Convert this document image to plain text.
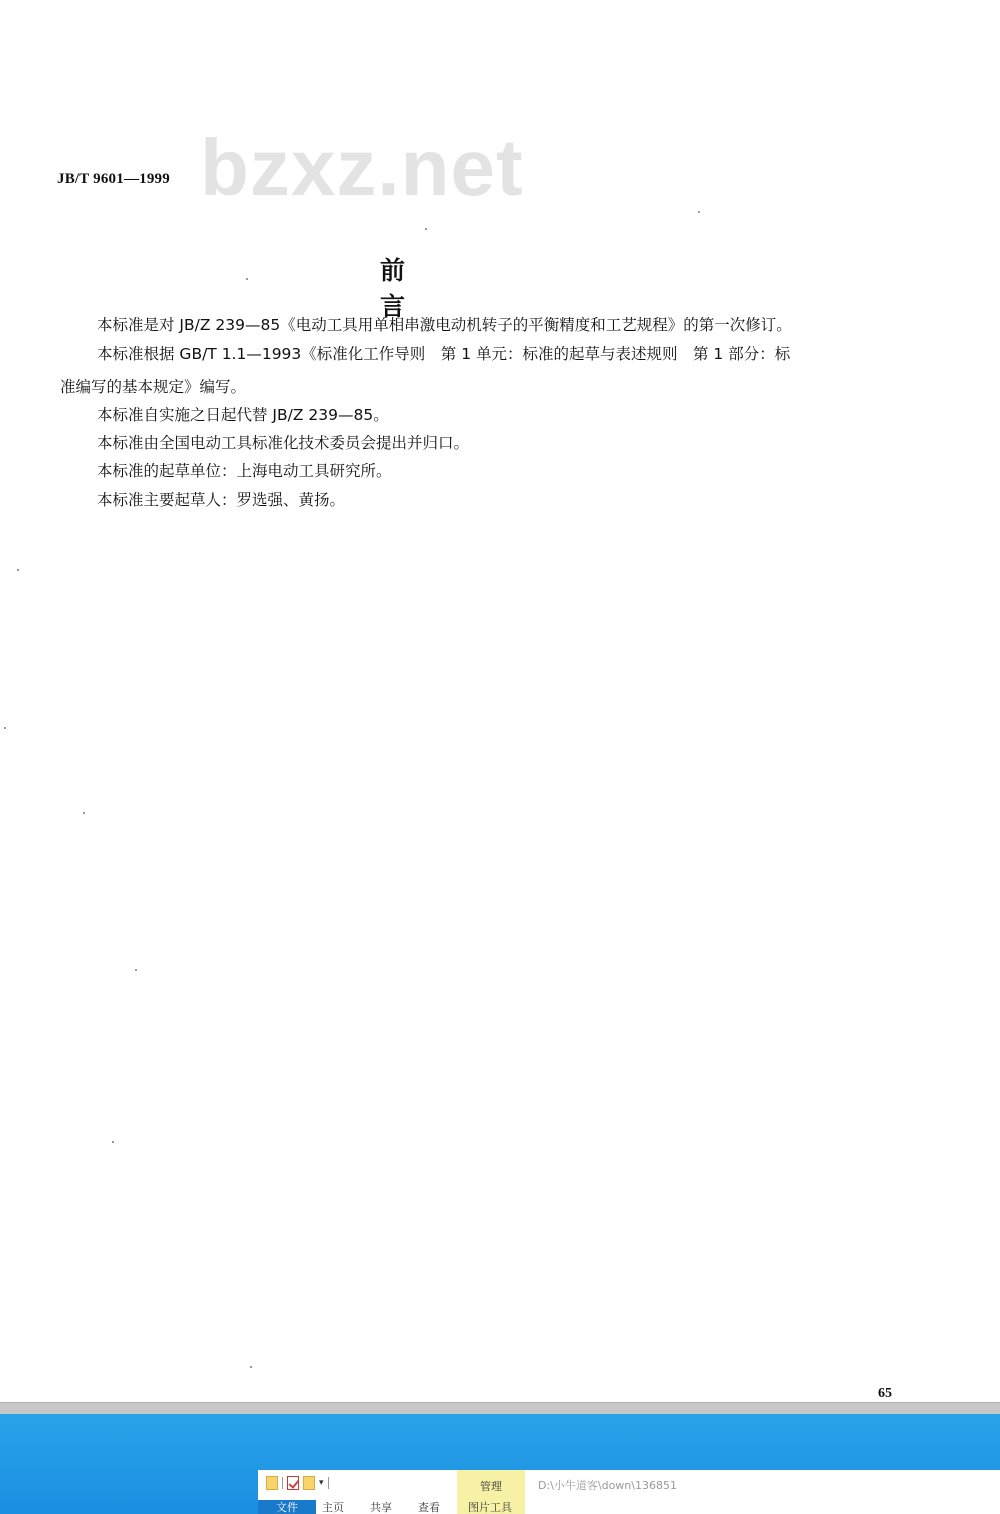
bzxz.net
JB/T 9601—1999
前 言
本标准是对 JB/Z 239—85《电动工具用单相串激电动机转子的平衡精度和工艺规程》的第一次修订。
本标准根据 GB/T 1.1—1993《标准化工作导则　第 1 单元：标准的起草与表述规则　第 1 部分：标
准编写的基本规定》编写。
本标准自实施之日起代替 JB/Z 239—85。
本标准由全国电动工具标准化技术委员会提出并归口。
本标准的起草单位：上海电动工具研究所。
本标准主要起草人：罗选强、黄扬。
65
▾	管理	D:\小牛道客\down\136851
文件	主页 共享 查看	图片工具
